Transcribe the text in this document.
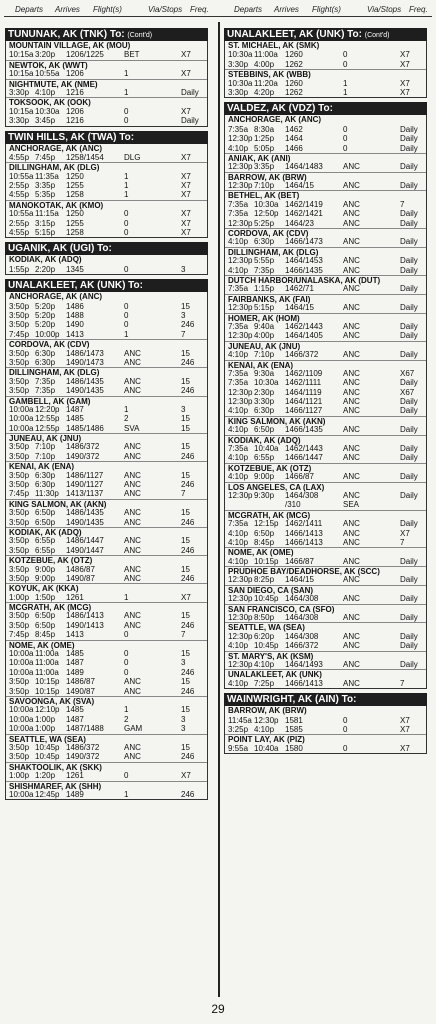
Departs Arrives Flight(s)	Via/Stops Freq.	Departs Arrives Flight(s)	Via/Stops Freq.
TUNUNAK, AK (TNK) To: (Cont'd)
MOUNTAIN VILLAGE, AK (MOU)
10:15a 3:20p 1206/1225	BET	X7
NEWTOK, AK (WWT)
10:15a 10:55a 1206	1	X7
NIGHTMUTE, AK (NME)
3:30p 4:10p 1216	1	Daily
TOKSOOK, AK (OOK)
10:15a 10:30a 1206	0	X7
3:30p 3:45p 1216	0	Daily
TWIN HILLS, AK (TWA) To:
ANCHORAGE, AK (ANC)
4:55p 7:45p 1258/1454	DLG	X7
DILLINGHAM, AK (DLG)
10:55a 11:35a 1250	1	X7
2:55p 3:35p 1255	1	X7
4:55p 5:35p 1258	1	X7
MANOKOTAK, AK (KMO)
10:55a 11:15a 1250	0	X7
2:55p 3:15p 1255	0	X7
4:55p 5:15p 1258	0	X7
UGANIK, AK (UGI) To:
KODIAK, AK (ADQ)
1:55p 2:20p 1345	0	3
UNALAKLEET, AK (UNK) To:
ANCHORAGE, AK (ANC)
3:50p 5:20p 1486	0	15
3:50p 5:20p 1488	0	3
3:50p 5:20p 1490	0	246
7:45p 10:00p 1413	1	7
CORDOVA, AK (CDV)
3:50p 6:30p 1486/1473	ANC	15
3:50p 6:30p 1490/1473	ANC	246
DILLINGHAM, AK (DLG)
3:50p 7:35p 1486/1435	ANC	15
3:50p 7:35p 1490/1435	ANC	246
GAMBELL, AK (GAM)
10:00a 12:20p 1487	1	3
10:00a 12:55p 1485	2	15
10:00a 12:55p 1485/1486	SVA	15
JUNEAU, AK (JNU)
3:50p 7:10p 1486/372	ANC	15
3:50p 7:10p 1490/372	ANC	246
KENAI, AK (ENA)
3:50p 6:30p 1486/1127	ANC	15
3:50p 6:30p 1490/1127	ANC	246
7:45p 11:30p 1413/1137	ANC	7
KING SALMON, AK (AKN)
3:50p 6:50p 1486/1435	ANC	15
3:50p 6:50p 1490/1435	ANC	246
KODIAK, AK (ADQ)
3:50p 6:55p 1486/1447	ANC	15
3:50p 6:55p 1490/1447	ANC	246
KOTZEBUE, AK (OTZ)
3:50p 9:00p 1486/87	ANC	15
3:50p 9:00p 1490/87	ANC	246
KOYUK, AK (KKA)
1:00p 1:50p 1261	1	X7
MCGRATH, AK (MCG)
3:50p 6:50p 1486/1413	ANC	15
3:50p 6:50p 1490/1413	ANC	246
7:45p 8:45p 1413	0	7
NOME, AK (OME)
10:00a 11:00a 1485	0	15
10:00a 11:00a 1487	0	3
10:00a 11:00a 1489	0	246
3:50p 10:15p 1486/87	ANC	15
3:50p 10:15p 1490/87	ANC	246
SAVOONGA, AK (SVA)
10:00a 12:10p 1485	1	15
10:00a 1:00p 1487	2	3
10:00a 1:00p 1487/1488	GAM	3
SEATTLE, WA (SEA)
3:50p 10:45p 1486/372	ANC	15
3:50p 10:45p 1490/372	ANC	246
SHAKTOOLIK, AK (SKK)
1:00p 1:20p 1261	0	X7
SHISHMAREF, AK (SHH)
10:00a 12:45p 1489	1	246
UNALAKLEET, AK (UNK) To: (Cont'd)
ST. MICHAEL, AK (SMK)
10:30a 11:00a 1260	0	X7
3:30p 4:00p 1262	0	X7
STEBBINS, AK (WBB)
10:30a 11:20a 1260	1	X7
3:30p 4:20p 1262	1	X7
VALDEZ, AK (VDZ) To:
ANCHORAGE, AK (ANC)
7:35a 8:30a 1462	0	Daily
12:30p 1:25p 1464	0	Daily
4:10p 5:05p 1466	0	Daily
ANIAK, AK (ANI)
12:30p 3:35p 1464/1483	ANC	Daily
BARROW, AK (BRW)
12:30p 7:10p 1464/15	ANC	Daily
BETHEL, AK (BET)
7:35a 10:30a 1462/1419	ANC	7
7:35a 12:50p 1462/1421	ANC	Daily
12:30p 5:25p 1464/23	ANC	Daily
CORDOVA, AK (CDV)
4:10p 6:30p 1466/1473	ANC	Daily
DILLINGHAM, AK (DLG)
12:30p 5:55p 1464/1453	ANC	Daily
4:10p 7:35p 1466/1435	ANC	Daily
DUTCH HARBOR/UNALASKA, AK (DUT)
7:35a 1:15p 1462/71	ANC	Daily
FAIRBANKS, AK (FAI)
12:30p 5:15p 1464/15	ANC	Daily
HOMER, AK (HOM)
7:35a 9:40a 1462/1443	ANC	Daily
12:30p 4:00p 1464/1405	ANC	Daily
JUNEAU, AK (JNU)
4:10p 7:10p 1466/372	ANC	Daily
KENAI, AK (ENA)
7:35a 9:30a 1462/1109	ANC	X67
7:35a 10:30a 1462/1111	ANC	Daily
12:30p 2:30p 1464/1119	ANC	X67
12:30p 3:30p 1464/1121	ANC	Daily
4:10p 6:30p 1466/1127	ANC	Daily
KING SALMON, AK (AKN)
4:10p 6:50p 1466/1435	ANC	Daily
KODIAK, AK (ADQ)
7:35a 10:40a 1462/1443	ANC	Daily
4:10p 6:55p 1466/1447	ANC	Daily
KOTZEBUE, AK (OTZ)
4:10p 9:00p 1466/87	ANC	Daily
LOS ANGELES, CA (LAX)
12:30p 9:30p 1464/308	ANC	Daily
/310	SEA
MCGRATH, AK (MCG)
7:35a 12:15p 1462/1411	ANC	Daily
4:10p 6:50p 1466/1413	ANC	X7
4:10p 8:45p 1466/1413	ANC	7
NOME, AK (OME)
4:10p 10:15p 1466/87	ANC	Daily
PRUDHOE BAY/DEADHORSE, AK (SCC)
12:30p 8:25p 1464/15	ANC	Daily
SAN DIEGO, CA (SAN)
12:30p 10:45p 1464/308	ANC	Daily
SAN FRANCISCO, CA (SFO)
12:30p 8:50p 1464/308	ANC	Daily
SEATTLE, WA (SEA)
12:30p 6:20p 1464/308	ANC	Daily
4:10p 10:45p 1466/372	ANC	Daily
ST. MARY'S, AK (KSM)
12:30p 4:10p 1464/1493	ANC	Daily
UNALAKLEET, AK (UNK)
4:10p 7:25p 1466/1413	ANC	7
WAINWRIGHT, AK (AIN) To:
BARROW, AK (BRW)
11:45a 12:30p 1581	0	X7
3:25p 4:10p 1585	0	X7
POINT LAY, AK (PIZ)
9:55a 10:40a 1580	0	X7
29
